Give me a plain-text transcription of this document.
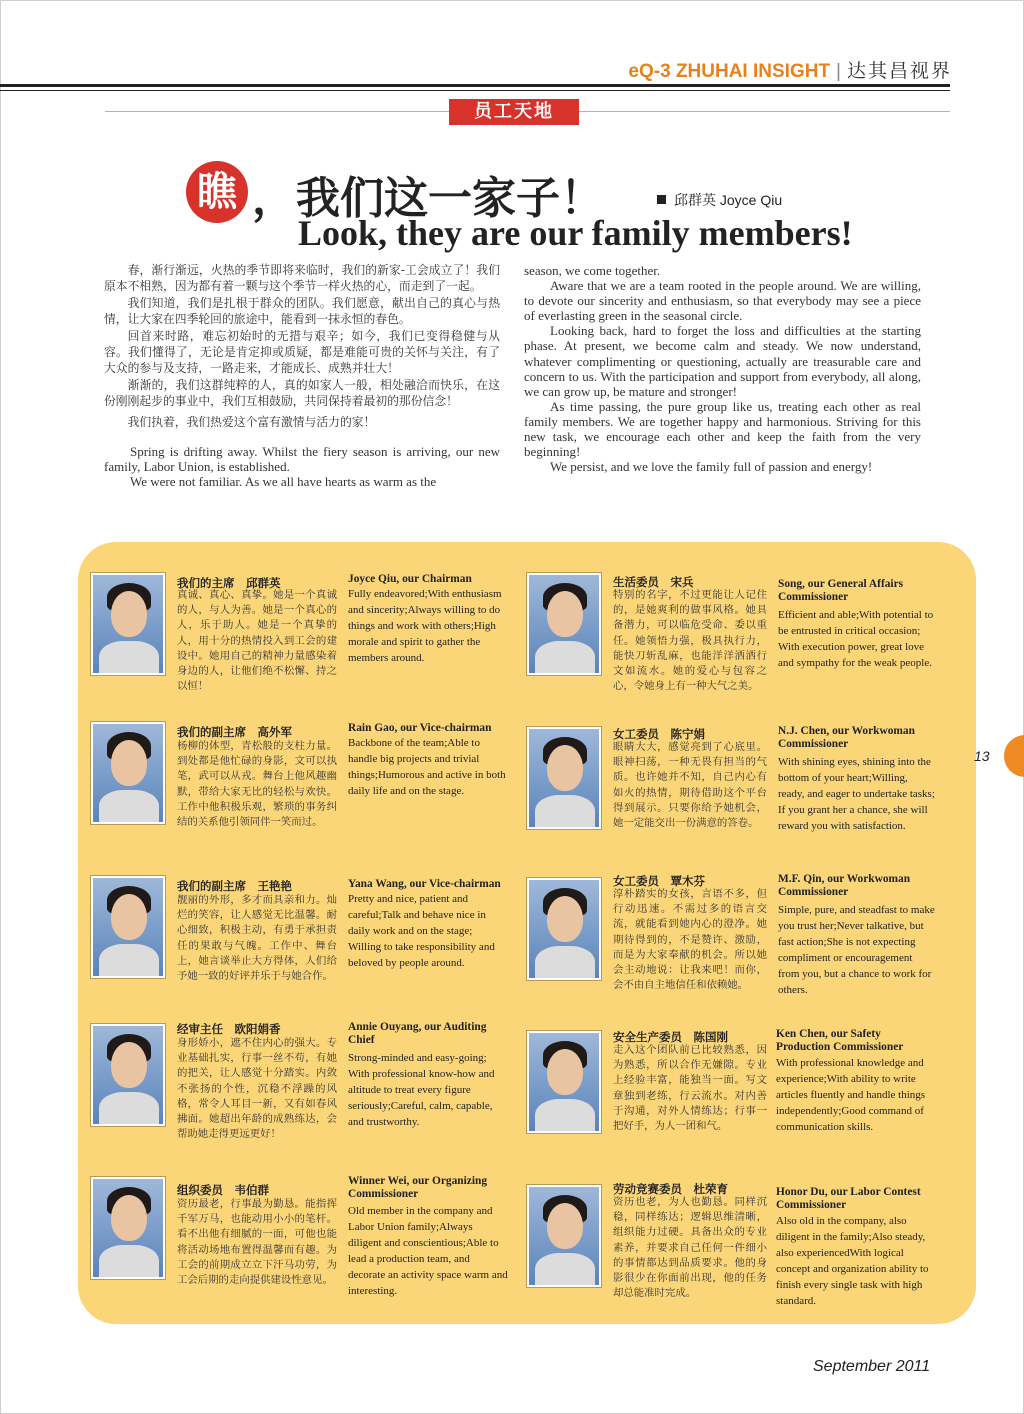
eQ-3 ZHUHAI INSIGHT | 达其昌视界
员工天地
瞧 ，我们这一家子！	邱群英 Joyce Qiu
Look, they are our family members!

春，渐行渐远，火热的季节即将来临时，我们的新家-工会成立了！我们原本不相熟，因为都有着一颗与这个季节一样火热的心，而走到了一起。

我们知道，我们是扎根于群众的团队。我们愿意，献出自己的真心与热情，让大家在四季轮回的旅途中，能看到一抹永恒的春色。

回首来时路，难忘初始时的无措与艰辛；如今，我们已变得稳健与从容。我们懂得了，无论是肯定抑或质疑，都是难能可贵的关怀与关注，有了大众的参与及支持，一路走来，才能成长、成熟并壮大！

渐渐的，我们这群纯粹的人，真的如家人一般，相处融洽而快乐，在这份刚刚起步的事业中，我们互相鼓励，共同保持着最初的那份信念！

我们执着，我们热爱这个富有激情与活力的家！

Spring is drifting away. Whilst the fiery season is arriving, our new family, Labor Union, is established.

We were not familiar. As we all have hearts as warm as the

season, we come together.

Aware that we are a team rooted in the people around. We are willing, to devote our sincerity and enthusiasm, so that everybody may see a piece of everlasting green in the seasonal circle.

Looking back, hard to forget the loss and difficulties at the starting phase. At present, we become calm and steady. We now understand, whatever complimenting or questioning, actually are treasurable care and concern to us. With the participation and support from everybody, all along, we can grow up, be mature and stronger!

As time passing, the pure group like us, treating each other as real family members. We are together happy and harmonious. Striving for this new task, we encourage each other and keep the faith from the very beginning!

We persist, and we love the family full of passion and energy!

我们的主席　邱群英
真诚、真心、真挚。她是一个真诚的人，与人为善。她是一个真心的人，乐于助人。她是一个真挚的人，用十分的热情投入到工会的建设中。她用自己的精神力量感染着身边的人，让他们绝不松懈、持之以恒！
Joyce Qiu, our Chairman
Fully endeavored;With enthusiasm and sincerity;Always willing to do things and work with others;High morale and spirit to gather the members around.
我们的副主席　高外军
杨柳的体型，青松般的支柱力量。到处都是他忙碌的身影，文可以执笔，武可以从戎。舞台上他风趣幽默，带给大家无比的轻松与欢快。工作中他积极乐观，繁琐的事务纠结的关系他引领同伴一笑而过。
Rain Gao, our Vice-chairman
Backbone of the team;Able to handle big projects and trivial things;Humorous and active in both daily life and on the stage.
我们的副主席　王艳艳
靓丽的外形，多才而具亲和力。灿烂的笑容，让人感觉无比温馨。耐心细致，积极主动，有勇于承担责任的果敢与气魄。工作中、舞台上，她言谈举止大方得体，人们给予她一致的好评并乐于与她合作。
Yana Wang, our Vice-chairman
Pretty and nice, patient and careful;Talk and behave nice in daily work and on the stage; Willing to take responsibility and beloved by people around.
经审主任　欧阳娟香
身形娇小，遮不住内心的强大。专业基础扎实，行事一丝不苟，有她的把关，让人感觉十分踏实。内敛不张扬的个性，沉稳不浮躁的风格，常令人耳目一新，又有如春风拂面。她超出年龄的成熟练达，会帮助她走得更远更好！
Annie Ouyang, our Auditing Chief
Strong-minded and easy-going; With professional know-how and altitude to treat every figure seriously;Careful, calm, capable, and trustworthy.
组织委员　韦伯群
资历最老，行事最为勤恳。能指挥千军万马，也能动用小小的笔杆。看不出他有细腻的一面，可他也能将活动场地布置得温馨而有趣。为工会的前期成立立下汗马功劳，为工会后期的走向提供建设性意见。
Winner Wei, our Organizing Commissioner
Old member in the company and Labor Union family;Always diligent and conscientious;Able to lead a production team, and decorate an activity space warm and interesting.
生活委员　宋兵
特别的名字，不过更能让人记住的，是她爽利的做事风格。她具备潜力，可以临危受命、委以重任。她领悟力强，极具执行力，能快刀斩乱麻，也能洋洋洒洒行文如流水。她的爱心与包容之心，令她身上有一种大气之美。
Song, our General Affairs Commissioner
Efficient and able;With potential to be entrusted in critical occasion; With execution power, great love and sympathy for the weak people.
女工委员　陈宁娟
眼睛大大，感觉亮到了心底里。眼神扫荡，一种无畏有担当的气质。也许她并不知，自己内心有如火的热情，期待借助这个平台得到展示。只要你给予她机会，她一定能交出一份满意的答卷。
N.J. Chen, our Workwoman Commissioner
With shining eyes, shining into the bottom of your heart;Willing, ready, and eager to undertake tasks; If you grant her a chance, she will reward you with satisfaction.
女工委员　覃木芬
淳朴踏实的女孩，言语不多，但行动迅速。不需过多的语言交流，就能看到她内心的澄净。她期待得到的，不是赞许、激励，而是为大家奉献的机会。所以她会主动地说：让我来吧！而你，会不由自主地信任和依赖她。
M.F. Qin, our Workwoman Commissioner
Simple, pure, and steadfast to make you trust her;Never talkative, but fast action;She is not expecting compliment or encouragement from you, but a chance to work for others.
安全生产委员　陈国刚
走入这个团队前已比较熟悉，因为熟悉，所以合作无嫌隙。专业上经验丰富，能独当一面。写文章独到老练，行云流水。对内善于沟通，对外人情练达；行事一把好手，为人一团和气。
Ken Chen, our Safety Production Commissioner
With professional knowledge and experience;With ability to write articles fluently and handle things independently;Good command of communication skills.
劳动竞赛委员　杜荣育
资历也老，为人也勤恳。同样沉稳，同样练达；逻辑思维清晰，组织能力过硬。具备出众的专业素养，并要求自己任何一件细小的事情都达到品质要求。他的身影很少在你面前出现，他的任务却总能准时完成。
Honor Du, our Labor Contest Commissioner
Also old in the company, also diligent in the family;Also steady, also experiencedWith logical concept and organization ability to finish every single task with high standard.
13
September 2011
